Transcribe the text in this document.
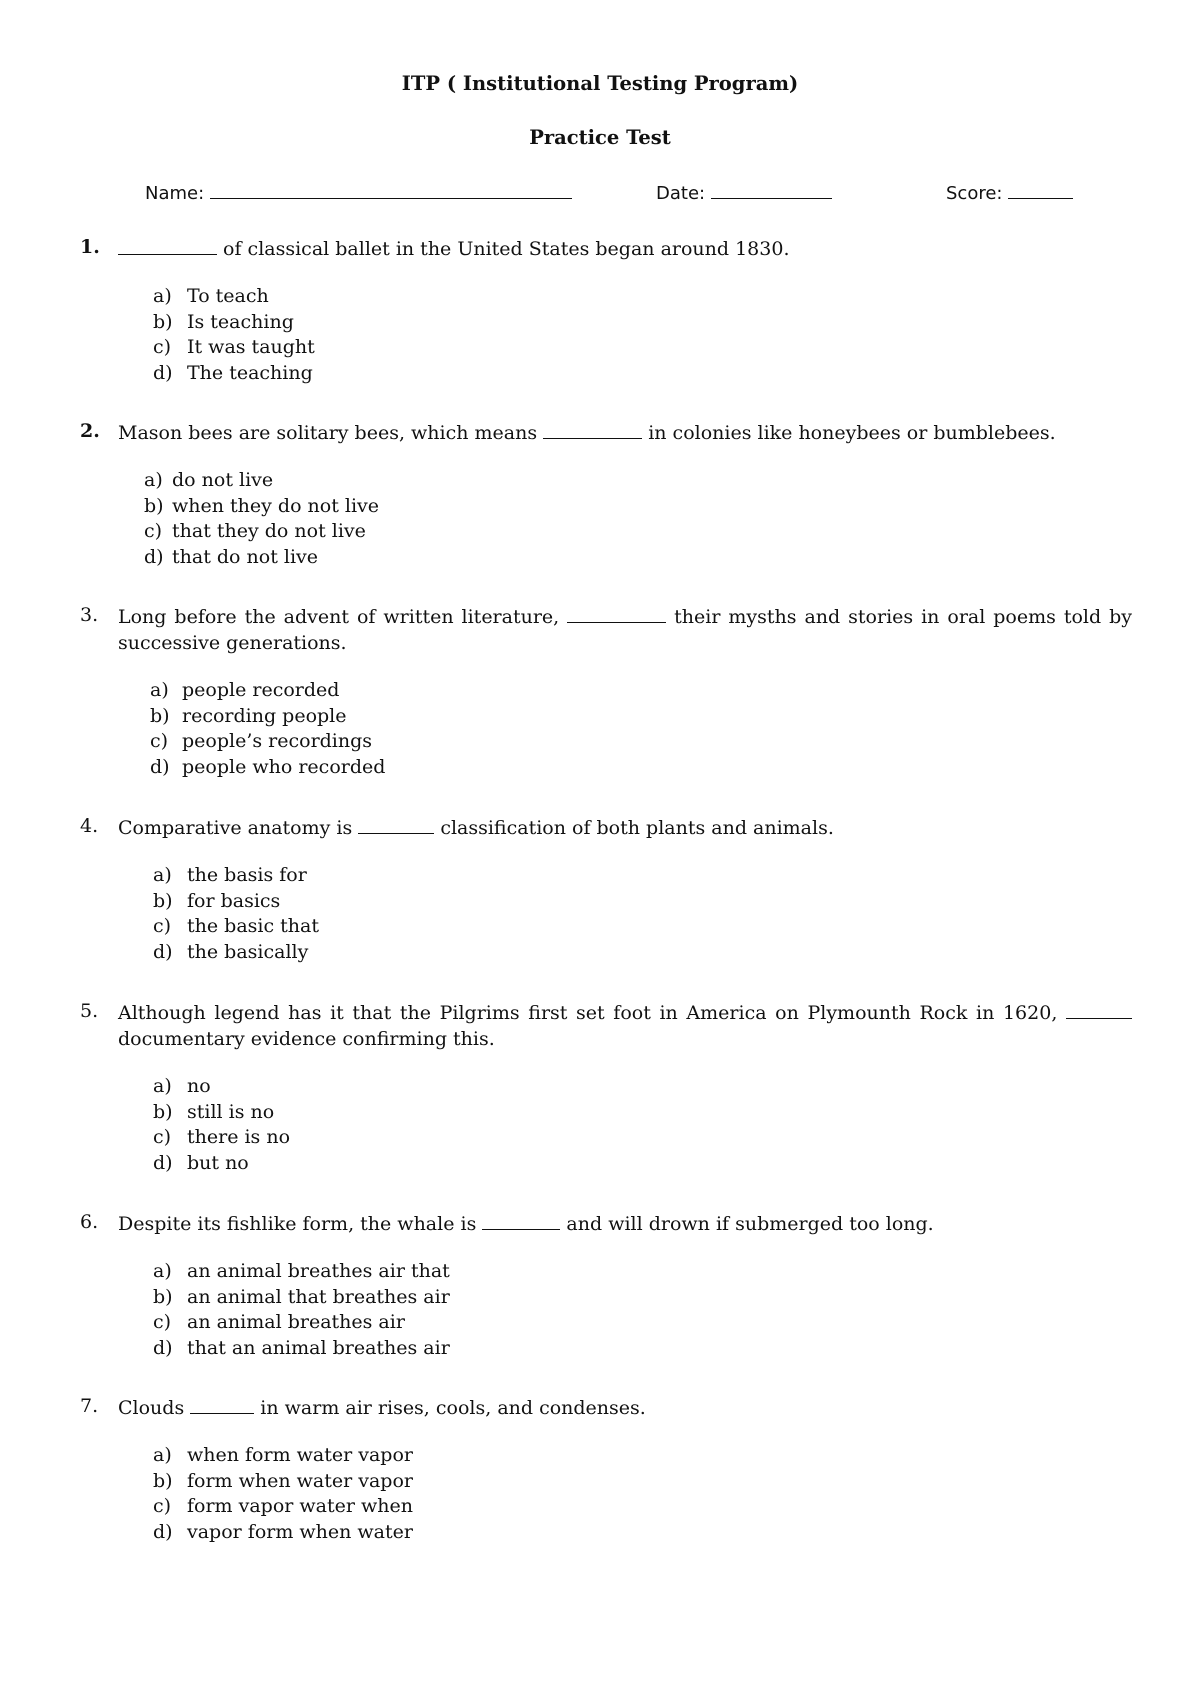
ITP ( Institutional Testing Program)
Practice Test
Name:	Date:	Score:
1.	of classical ballet in the United States began around 1830.
a) To teach
b) Is teaching
c) It was taught
d) The teaching
2. Mason bees are solitary bees, which means	in colonies like honeybees or bumblebees.
a) do not live
b) when they do not live
c) that they do not live
d) that do not live
3.	Long before the advent of written literature,	their mysths and stories in oral poems told by successive generations.
a) people recorded
b) recording people
c) people’s recordings
d) people who recorded
4.	Comparative anatomy is	classification of both plants and animals.
a) the basis for
b) for basics
c) the basic that
d) the basically
5.	Although legend has it that the Pilgrims first set foot in America on Plymounth Rock in 1620,  documentary evidence confirming this.
a) no
b) still is no
c) there is no
d) but no
6.	Despite its fishlike form, the whale is	and will drown if submerged too long.
a) an animal breathes air that
b) an animal that breathes air
c) an animal breathes air
d) that an animal breathes air
7.	Clouds	in warm air rises, cools, and condenses.
a) when form water vapor
b) form when water vapor
c) form vapor water when
d) vapor form when water
